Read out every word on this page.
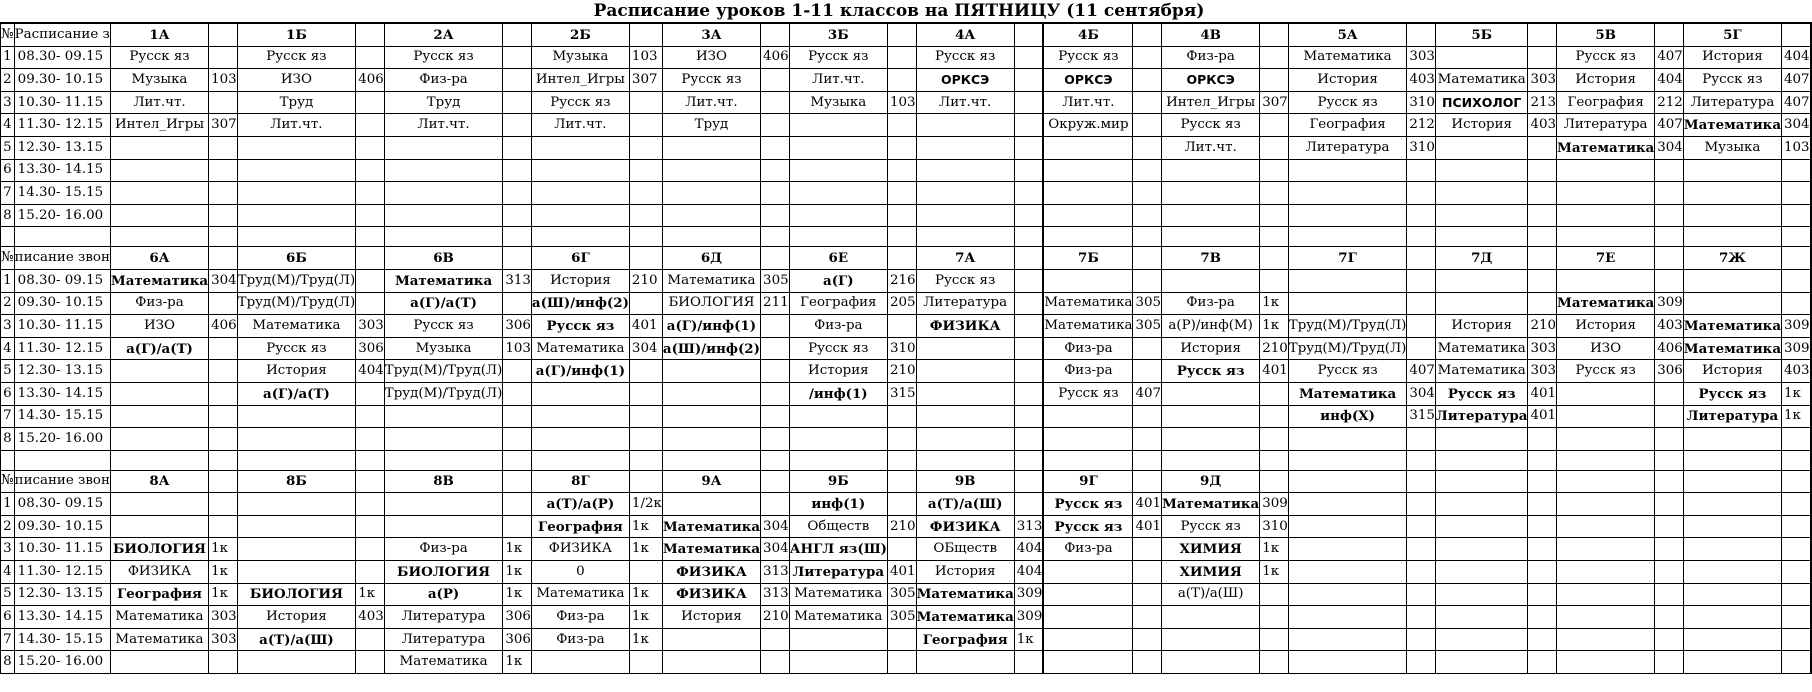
Расписание уроков 1-11 классов на ПЯТНИЦУ (11 сентября)
№	Расписание з	1А		1Б		2А		2Б		3А		3Б		4А		4Б		4В		5А		5Б		5В		5Г	
1	08.30- 09.15	Русск яз		Русск яз		Русск яз		Музыка	103	ИЗО	406	Русск яз		Русск яз		Русск яз		Физ-ра		Математика	303			Русск яз	407	История	404
2	09.30- 10.15	Музыка	103	ИЗО	406	Физ-ра		Интел_Игры	307	Русск яз		Лит.чт.		ОРКСЭ		ОРКСЭ		ОРКСЭ		История	403	Математика	303	История	404	Русск яз	407
3	10.30- 11.15	Лит.чт.		Труд		Труд		Русск яз		Лит.чт.		Музыка	103	Лит.чт.		Лит.чт.		Интел_Игры	307	Русск яз	310	ПСИХОЛОГ	213	География	212	Литература	407
4	11.30- 12.15	Интел_Игры	307	Лит.чт.		Лит.чт.		Лит.чт.		Труд						Окруж.мир		Русск яз		География	212	История	403	Литература	407	Математика	304
5	12.30- 13.15																	Лит.чт.		Литература	310			Математика	304	Музыка	103
6	13.30- 14.15																										
7	14.30- 15.15																										
8	15.20- 16.00																										

№	писание звон	6А		6Б		6В		6Г		6Д		6Е		7А		7Б		7В		7Г		7Д		7Е		7Ж	
1	08.30- 09.15	Математика	304	Труд(М)/Труд(Л)		Математика	313	История	210	Математика	305	а(Г)	216	Русск яз													
2	09.30- 10.15	Физ-ра		Труд(М)/Труд(Л)		а(Г)/а(Т)		а(Ш)/инф(2)		БИОЛОГИЯ	211	География	205	Литература		Математика	305	Физ-ра	1к					Математика	309		
3	10.30- 11.15	ИЗО	406	Математика	303	Русск яз	306	Русск яз	401	а(Г)/инф(1)		Физ-ра		ФИЗИКА		Математика	305	а(Р)/инф(М)	1к	Труд(М)/Труд(Л)		История	210	История	403	Математика	309
4	11.30- 12.15	а(Г)/а(Т)		Русск яз	306	Музыка	103	Математика	304	а(Ш)/инф(2)		Русск яз	310			Физ-ра		История	210	Труд(М)/Труд(Л)		Математика	303	ИЗО	406	Математика	309
5	12.30- 13.15			История	404	Труд(М)/Труд(Л)		а(Г)/инф(1)				История	210			Физ-ра		Русск яз	401	Русск яз	407	Математика	303	Русск яз	306	История	403
6	13.30- 14.15			а(Г)/а(Т)		Труд(М)/Труд(Л)						/инф(1)	315			Русск яз	407			Математика	304	Русск яз	401			Русск яз	1к
7	14.30- 15.15																			инф(Х)	315	Литература	401			Литература	1к
8	15.20- 16.00																										

№	писание звон	8А		8Б		8В		8Г		9А		9Б		9В		9Г		9Д									
1	08.30- 09.15							а(Т)/а(Р)	1/2к			инф(1)		а(Т)/а(Ш)		Русск яз	401	Математика	309								
2	09.30- 10.15							География	1к	Математика	304	Обществ	210	ФИЗИКА	313	Русск яз	401	Русск яз	310								
3	10.30- 11.15	БИОЛОГИЯ	1к			Физ-ра	1к	ФИЗИКА	1к	Математика	304	АНГЛ яз(Ш)		ОБществ	404	Физ-ра		ХИМИЯ	1к								
4	11.30- 12.15	ФИЗИКА	1к			БИОЛОГИЯ	1к	0		ФИЗИКА	313	Литература	401	История	404			ХИМИЯ	1к								
5	12.30- 13.15	География	1к	БИОЛОГИЯ	1к	а(Р)	1к	Математика	1к	ФИЗИКА	313	Математика	305	Математика	309			а(Т)/а(Ш)									
6	13.30- 14.15	Математика	303	История	403	Литература	306	Физ-ра	1к	История	210	Математика	305	Математика	309												
7	14.30- 15.15	Математика	303	а(Т)/а(Ш)		Литература	306	Физ-ра	1к					География	1к												
8	15.20- 16.00					Математика	1к																				
